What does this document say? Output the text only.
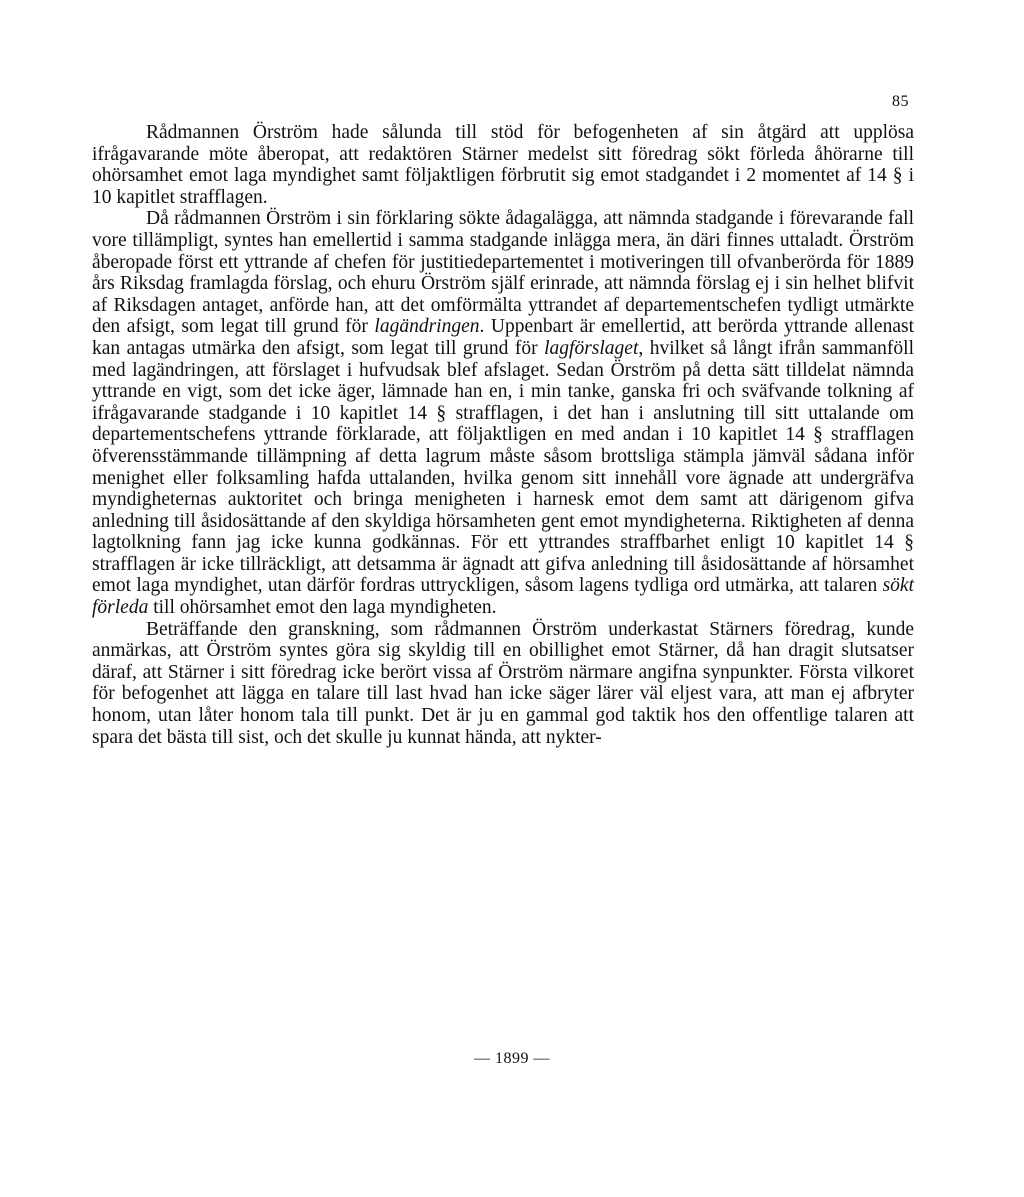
85

Rådmannen Örström hade sålunda till stöd för befogenheten af sin åtgärd att upplösa ifrågavarande möte åberopat, att redaktören Stärner medelst sitt föredrag sökt förleda åhörarne till ohörsamhet emot laga myndighet samt följaktligen förbrutit sig emot stadgandet i 2 momentet af 14 § i 10 kapitlet strafflagen.

Då rådmannen Örström i sin förklaring sökte ådagalägga, att nämnda stadgande i förevarande fall vore tillämpligt, syntes han emellertid i samma stadgande inlägga mera, än däri finnes uttaladt. Örström åberopade först ett yttrande af chefen för justitiedepartementet i motiveringen till ofvanberörda för 1889 års Riksdag framlagda förslag, och ehuru Örström själf erinrade, att nämnda förslag ej i sin helhet blifvit af Riksdagen antaget, anförde han, att det omförmälta yttrandet af departementschefen tydligt utmärkte den afsigt, som legat till grund för lagändringen. Uppenbart är emellertid, att berörda yttrande allenast kan antagas utmärka den afsigt, som legat till grund för lagförslaget, hvilket så långt ifrån sammanföll med lagändringen, att förslaget i hufvudsak blef afslaget. Sedan Örström på detta sätt tilldelat nämnda yttrande en vigt, som det icke äger, lämnade han en, i min tanke, ganska fri och sväfvande tolkning af ifrågavarande stadgande i 10 kapitlet 14 § strafflagen, i det han i anslutning till sitt uttalande om departementschefens yttrande förklarade, att följaktligen en med andan i 10 kapitlet 14 § strafflagen öfverensstämmande tillämpning af detta lagrum måste såsom brottsliga stämpla jämväl sådana inför menighet eller folksamling hafda uttalanden, hvilka genom sitt innehåll vore ägnade att undergräfva myndigheternas auktoritet och bringa menigheten i harnesk emot dem samt att därigenom gifva anledning till åsidosättande af den skyldiga hörsamheten gent emot myndigheterna. Riktigheten af denna lagtolkning fann jag icke kunna godkännas. För ett yttrandes straffbarhet enligt 10 kapitlet 14 § strafflagen är icke tillräckligt, att detsamma är ägnadt att gifva anledning till åsidosättande af hörsamhet emot laga myndighet, utan därför fordras uttryckligen, såsom lagens tydliga ord utmärka, att talaren sökt förleda till ohörsamhet emot den laga myndigheten.

Beträffande den granskning, som rådmannen Örström underkastat Stärners föredrag, kunde anmärkas, att Örström syntes göra sig skyldig till en obillighet emot Stärner, då han dragit slutsatser däraf, att Stärner i sitt föredrag icke berört vissa af Örström närmare angifna synpunkter. Första vilkoret för befogenhet att lägga en talare till last hvad han icke säger lärer väl eljest vara, att man ej afbryter honom, utan låter honom tala till punkt. Det är ju en gammal god taktik hos den offentlige talaren att spara det bästa till sist, och det skulle ju kunnat hända, att nykter-

— 1899 —
